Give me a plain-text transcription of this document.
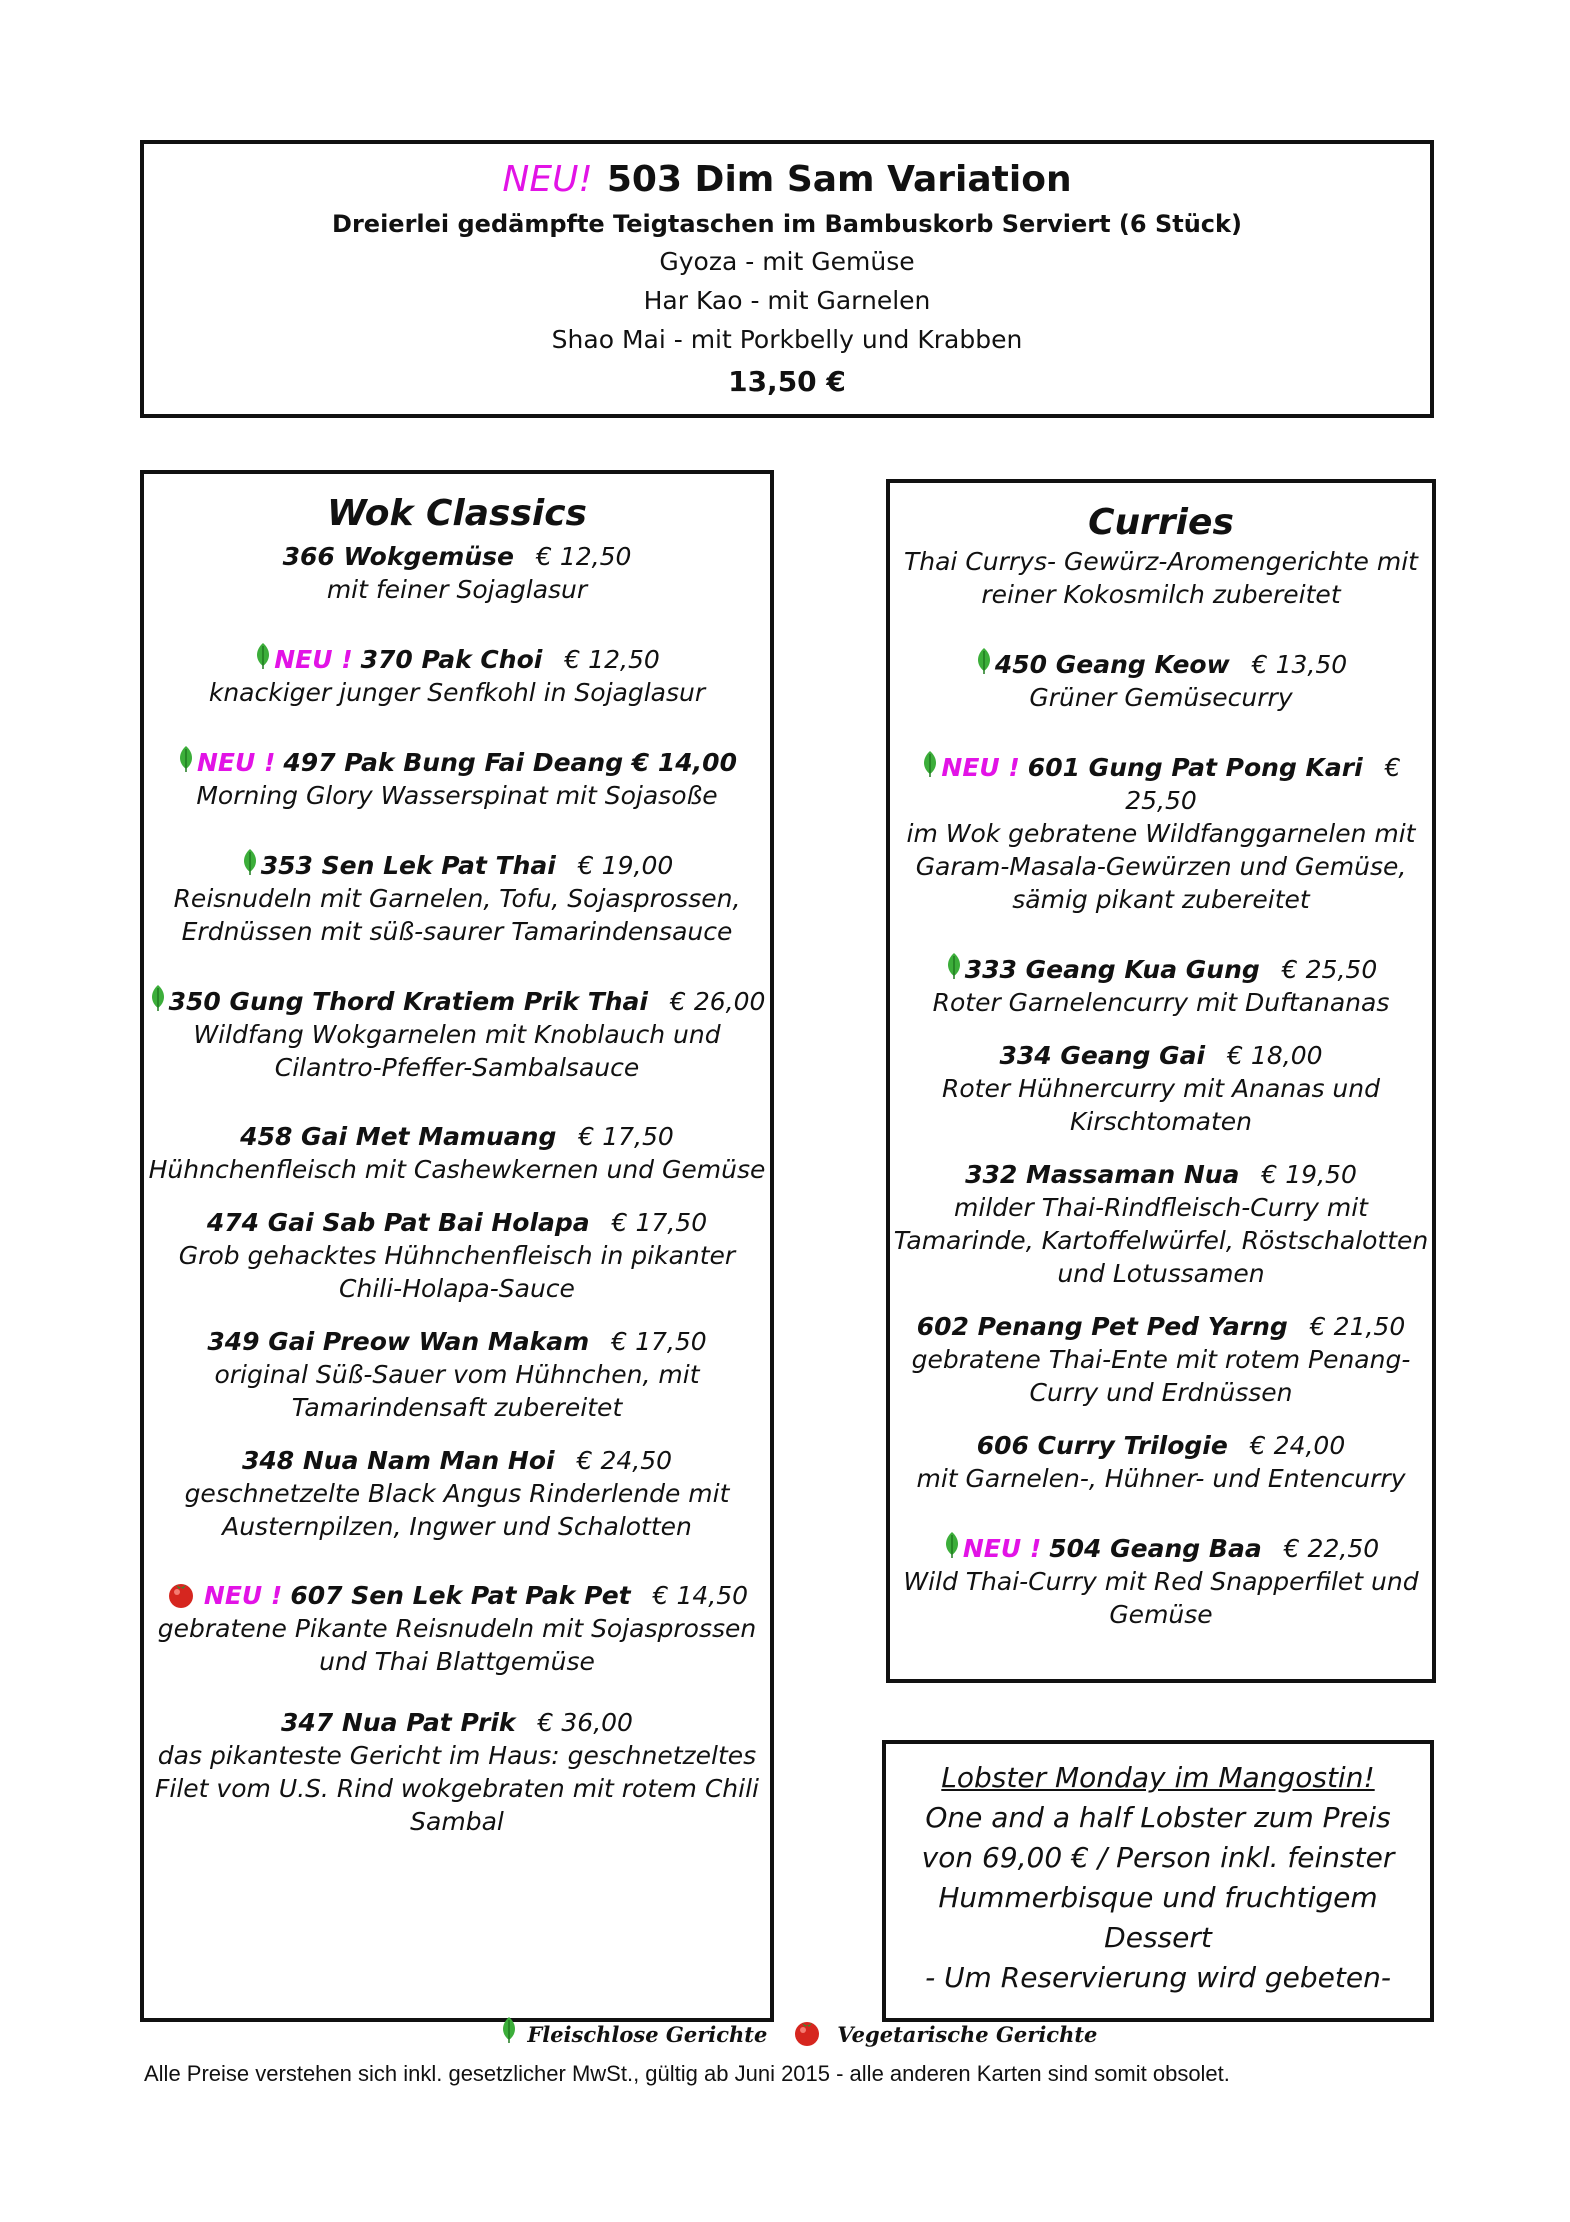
NEU! 503 Dim Sam Variation
Dreierlei gedämpfte Teigtaschen im Bambuskorb Serviert (6 Stück)
Gyoza - mit Gemüse
Har Kao - mit Garnelen
Shao Mai - mit Porkbelly und Krabben
13,50 €
Wok Classics
366 Wokgemüse € 12,50
mit feiner Sojaglasur
NEU ! 370 Pak Choi € 12,50
knackiger junger Senfkohl in Sojaglasur
NEU ! 497 Pak Bung Fai Deang € 14,00
Morning Glory Wasserspinat mit Sojasoße
353 Sen Lek Pat Thai € 19,00
Reisnudeln mit Garnelen, Tofu, Sojasprossen, Erdnüssen mit süß-saurer Tamarindensauce
350 Gung Thord Kratiem Prik Thai € 26,00
Wildfang Wokgarnelen mit Knoblauch und Cilantro-Pfeffer-Sambalsauce
458 Gai Met Mamuang € 17,50
Hühnchenfleisch mit Cashewkernen und Gemüse
474 Gai Sab Pat Bai Holapa € 17,50
Grob gehacktes Hühnchenfleisch in pikanter Chili-Holapa-Sauce
349 Gai Preow Wan Makam € 17,50
original Süß-Sauer vom Hühnchen, mit Tamarindensaft zubereitet
348 Nua Nam Man Hoi € 24,50
geschnetzelte Black Angus Rinderlende mit Austernpilzen, Ingwer und Schalotten
NEU ! 607 Sen Lek Pat Pak Pet € 14,50
gebratene Pikante Reisnudeln mit Sojasprossen und Thai Blattgemüse
347 Nua Pat Prik € 36,00
das pikanteste Gericht im Haus: geschnetzeltes Filet vom U.S. Rind wokgebraten mit rotem Chili Sambal
Curries
Thai Currys- Gewürz-Aromengerichte mit reiner Kokosmilch zubereitet
450 Geang Keow € 13,50
Grüner Gemüsecurry
NEU ! 601 Gung Pat Pong Kari € 25,50
im Wok gebratene Wildfanggarnelen mit Garam-Masala-Gewürzen und Gemüse, sämig pikant zubereitet
333 Geang Kua Gung € 25,50
Roter Garnelencurry mit Duftananas
334 Geang Gai € 18,00
Roter Hühnercurry mit Ananas und Kirschtomaten
332 Massaman Nua € 19,50
milder Thai-Rindfleisch-Curry mit Tamarinde, Kartoffelwürfel, Röstschalotten und Lotussamen
602 Penang Pet Ped Yarng € 21,50
gebratene Thai-Ente mit rotem Penang-Curry und Erdnüssen
606 Curry Trilogie € 24,00
mit Garnelen-, Hühner- und Entencurry
NEU ! 504 Geang Baa € 22,50
Wild Thai-Curry mit Red Snapperfilet und Gemüse

Lobster Monday im Mangostin!

One and a half Lobster zum Preis

von 69,00 € / Person inkl. feinster

Hummerbisque und fruchtigem

Dessert

- Um Reservierung wird gebeten-

Fleischlose Gerichte	Vegetarische Gerichte
Alle Preise verstehen sich inkl. gesetzlicher MwSt., gültig ab Juni 2015 - alle anderen Karten sind somit obsolet.
